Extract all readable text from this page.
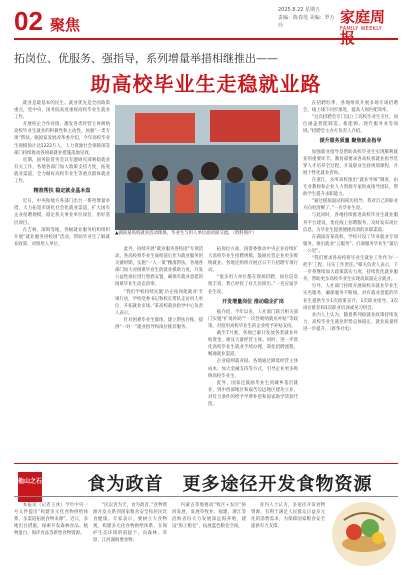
02 聚焦
2025.8.22 星期五
责编：陈春莲 美编：罗万玲	家庭周报
FAMILY WEEKLY
拓岗位、优服务、强指导，系列增量举措相继推出——
助高校毕业生走稳就业路

就业是最基本的民生。就业优先是全国政策重点，党中央、国务院高度重视高校毕业生就业工作。

开展校企合作对接、激发各类经营主体吸纳高校毕业生就业的积极性和主动性，加强“一类专项”帮扶。据国家发展改革委介绍，今年高校毕业生规模预计达1222万人，人力资源社会保障部等部门持续推动各项稳就业措施落地见效。

近期，国务院常务会议专题研究部署稳就业有关工作，各地各部门加大政策支持力度，拓宽就业渠道，全力做好高校毕业生等重点群体就业工作。

精准帮扶 稳定就业基本盘

近日，中央和地方各部门出台一系列增量举措，大力拓宽市场化社会化就业渠道，扩大国有企业招聘规模，稳定机关事业单位岗位，用好基层项目。

在吉林、深圳等地，各级就业服务机构组织开展“就业服务进校园”活动，帮助毕业生了解就业政策、对接用人单位。

▲湖南某高校就业活动现场，毕业生与用人单位面对面交流。（资料图片）

此外，持续开展“就业服务进校园”专项活动，各高校将毕业生离校前后作为就业服务的关键时期，实施“一人一策”精准帮扶。各地各部门加大对困难毕业生的就业援助力度，开发公益性岗位进行兜底安置，确保有就业意愿的困难毕业生动态清零。

“我们学校持续实施‘访企拓岗促就业’专项行动，学校党委书记和校长带队走访用人单位，开拓就业市场。”某高校就业指导中心负责人表示。

针对困难毕业生群体，建立帮扶台账，提供“一对一”就业指导和岗位推荐服务。

拓岗位方面，国资委推动中央企业持续扩大高校毕业生招聘规模，鼓励民营企业更多吸纳就业。各地还组织开展百日千万招聘专项行动。

“很多用人单位都在现场招聘，岗位信息很丰富，我已经投了好几份简历。”一名应届毕业生说。

开发增量岗位 推动稳企扩岗

据介绍，今年以来，人社部门联合相关部门实施“扩岗补助”“一次性吸纳就业补贴”等政策，对招用高校毕业生的企业给予补贴支持。

截至7月底，各地已累计发放各类就业补贴资金，惠及大量经营主体。同时，进一步优化高校毕业生就业手续办理，简化招聘流程，畅通就业渠道。

企业稳则就业稳。各地通过降低经营主体成本、加大金融支持等方式，引导企业更多吸纳高校毕业生。

此外，国家还鼓励毕业生到城乡基层就业，到中西部地区和艰苦边远地区建功立业，对符合条件的给予学费补偿和国家助学贷款代偿。

在招聘旺季，各地组织开展多场专场招聘会，线上线下同步推进，提高人岗匹配效率。

“这次招聘会专门设立了高校毕业生专区，岗位涵盖智能制造、新能源、现代服务业等领域。”招聘会主办方负责人介绍。

提升服务质量 聚焦就业指导

加强就业指导是帮助高校毕业生实现顺利就业的重要环节。教育部要求各高校将就业指导贯穿人才培养全过程，开设职业生涯规划课程，开展个性化就业咨询。

在浙江，多所高校推出“就业导师”制度，由专业教师和企业人力资源专家组成指导团队，帮助学生提升求职能力。

“通过模拟面试和简历指导，我对自己的职业方向更清晰了。”一名毕业生说。

与此同时，各地持续推进高校毕业生就业服务平台建设，优化线上招聘服务，及时发布岗位信息，为毕业生提供便捷高效的求职渠道。

在湖南省某高校，学校开设了毕业就业专项服务，推出就业“云服务”，打通服务毕业生“最后一公里”。

“我们要求各高校将毕业生就业工作作为‘一把手’工程，压实工作责任。”相关负责人表示，下一步将继续加大政策落实力度，持续优化就业服务，帮助更多高校毕业生实现高质量充分就业。

另外，人社部门持续开展离校未就业毕业生实名服务，确保服务不断线，对有就业意愿的毕业生提供至少1次政策宣介、1次职业指导、3次岗位推荐和1次职业培训或见习机会。

业内人士认为，随着系列稳就业政策持续发力，高校毕业生就业形势总体稳定，就业质量将进一步提升。（新华社电）

他山之石	食为政首　更多途径开发食物资源

本报讯（记者王冰）今年中央一号文件提出“构建多元化食物供给体系，多渠道拓展食物来源”。近日，多地出台措施，探索开发森林食品、植物蛋白、海洋食品等新型食物资源。

“民以食为天，食为政首。”食物资源开发关系到国家粮食安全和居民饮食健康。专家表示，要树立大食物观，构建多元化食物供给体系，在保护生态环境的前提下，向森林、草原、江河湖海要食物。

内蒙古等地推动“牧区+农区”协同发展，发展草牧业；福建、浙江等沿海省份大力发展深远海养殖，建设“海上粮仓”，拓展蓝色粮仓空间。

业内人士认为，多途径开发食物资源，有利于满足人民群众日益多元化的消费需求，为保障国家粮食安全提供有力支撑。
